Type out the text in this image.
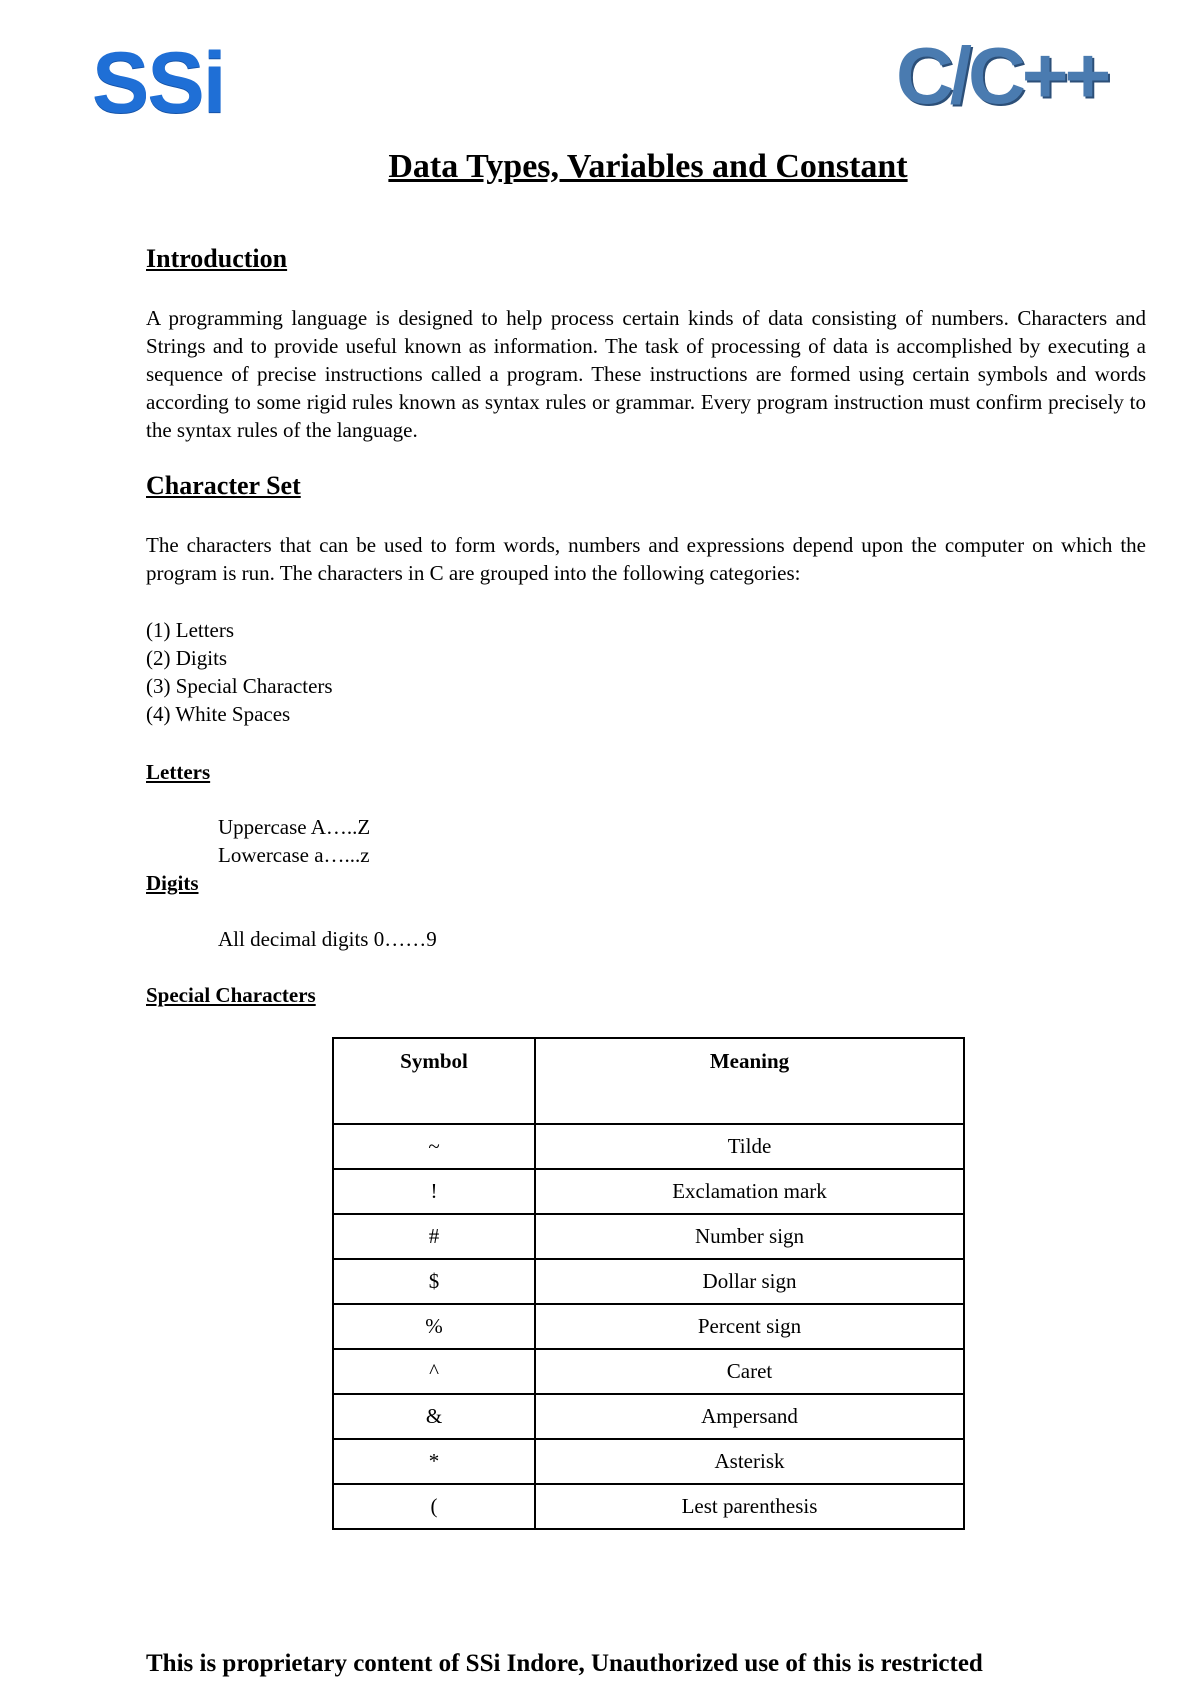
SSi	C/C++
Data Types, Variables and Constant
Introduction
A programming language is designed to help process certain kinds of data consisting of numbers. Characters and Strings and to provide useful known as information. The task of processing of data is accomplished by executing a sequence of precise instructions called a program. These instructions are formed using certain symbols and words according to some rigid rules known as syntax rules or grammar. Every program instruction must confirm precisely to the syntax rules of the language.
Character Set
The characters that can be used to form words, numbers and expressions depend upon the computer on which the program is run. The characters in C are grouped into the following categories:
(1) Letters
(2) Digits
(3) Special Characters
(4) White Spaces
Letters
Uppercase A…..Z
Lowercase a…...z
Digits
All decimal digits 0……9
Special Characters
Symbol	Meaning
~	Tilde
!	Exclamation mark
#	Number sign
$	Dollar sign
%	Percent sign
^	Caret
&	Ampersand
*	Asterisk
(	Lest parenthesis
This is proprietary content of SSi Indore, Unauthorized use of this is restricted
